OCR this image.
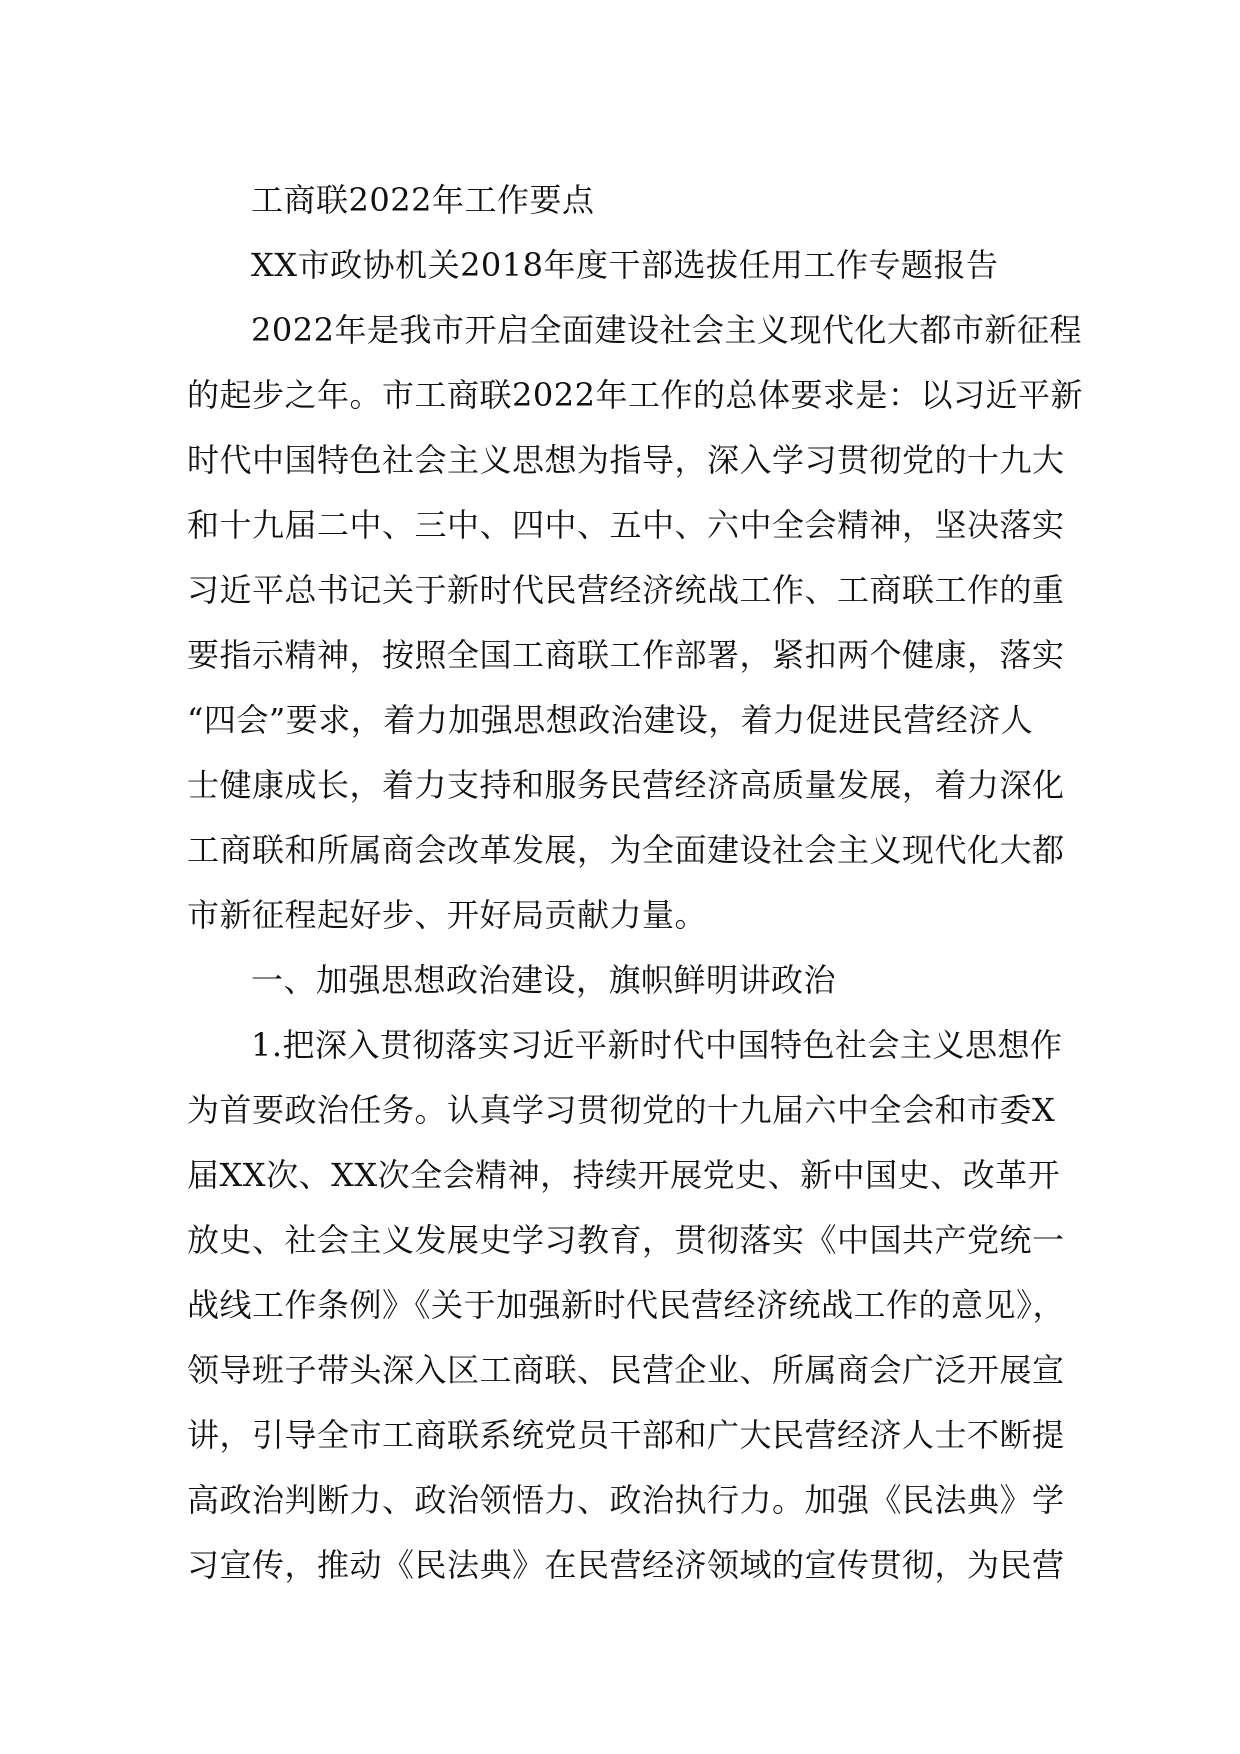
工商联2022年工作要点
XX市政协机关2018年度干部选拔任用工作专题报告
2022年是我市开启全面建设社会主义现代化大都市新征程
的起步之年。市工商联2022年工作的总体要求是：以习近平新
时代中国特色社会主义思想为指导，深入学习贯彻党的十九大
和十九届二中、三中、四中、五中、六中全会精神，坚决落实
习近平总书记关于新时代民营经济统战工作、工商联工作的重
要指示精神，按照全国工商联工作部署，紧扣两个健康，落实
“四会”要求，着力加强思想政治建设，着力促进民营经济人
士健康成长，着力支持和服务民营经济高质量发展，着力深化
工商联和所属商会改革发展，为全面建设社会主义现代化大都
市新征程起好步、开好局贡献力量。
一、加强思想政治建设，旗帜鲜明讲政治
1.把深入贯彻落实习近平新时代中国特色社会主义思想作
为首要政治任务。认真学习贯彻党的十九届六中全会和市委X
届XX次、XX次全会精神，持续开展党史、新中国史、改革开
放史、社会主义发展史学习教育，贯彻落实《中国共产党统一
战线工作条例》《关于加强新时代民营经济统战工作的意见》，
领导班子带头深入区工商联、民营企业、所属商会广泛开展宣
讲，引导全市工商联系统党员干部和广大民营经济人士不断提
高政治判断力、政治领悟力、政治执行力。加强《民法典》学
习宣传，推动《民法典》在民营经济领域的宣传贯彻，为民营
